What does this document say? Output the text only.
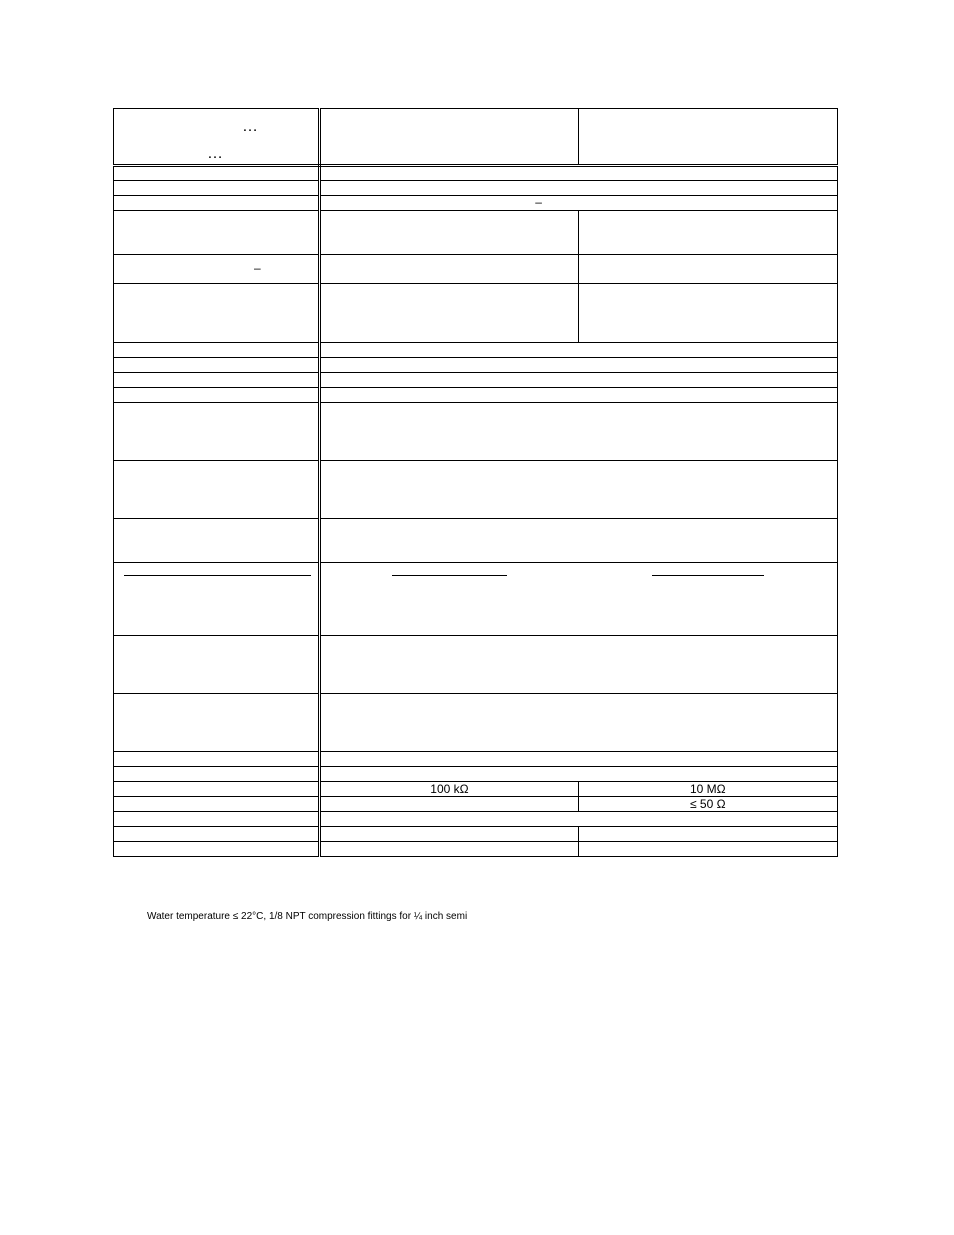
…
…		

	–	

–		

	100 kΩ	10 MΩ

		≤ 50 Ω

Water temperature ≤ 22°C, 1/8 NPT compression fittings for ¼ inch semi
